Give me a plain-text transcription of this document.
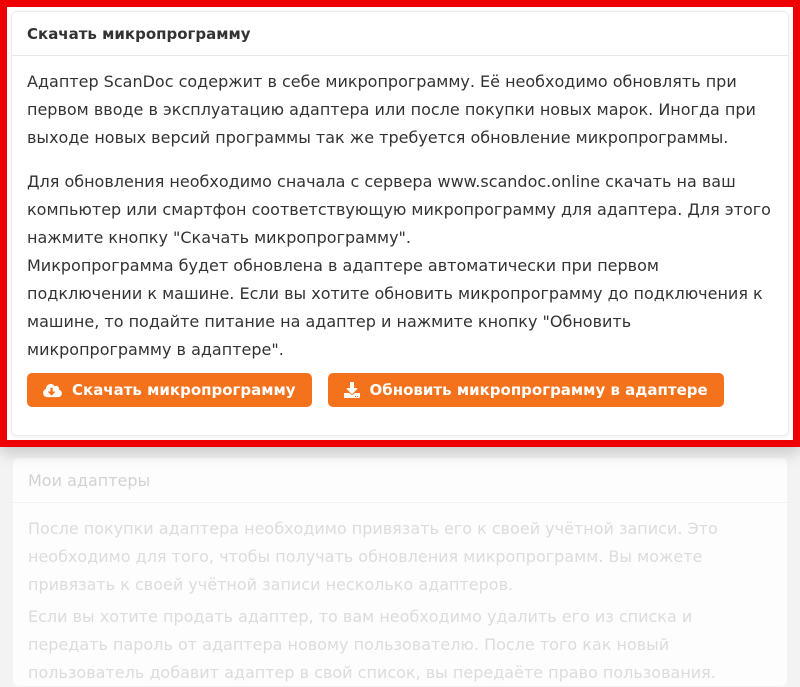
Скачать микропрограмму

Адаптер ScanDoc содержит в себе микропрограмму. Её необходимо обновлять при первом вводе в эксплуатацию адаптера или после покупки новых марок. Иногда при выходе новых версий программы так же требуется обновление микропрограммы.

Для обновления необходимо сначала с сервера www.scandoc.online скачать на ваш компьютер или смартфон соответствующую микропрограмму для адаптера. Для этого нажмите кнопку "Скачать микропрограмму".

Микропрограмма будет обновлена в адаптере автоматически при первом подключении к машине. Если вы хотите обновить микропрограмму до подключения к машине, то подайте питание на адаптер и нажмите кнопку "Обновить микропрограмму в адаптере".

Скачать микропрограмму	Обновить микропрограмму в адаптере
Мои адаптеры

После покупки адаптера необходимо привязать его к своей учётной записи. Это необходимо для того, чтобы получать обновления микропрограмм. Вы можете привязать к своей учётной записи несколько адаптеров.

Если вы хотите продать адаптер, то вам необходимо удалить его из списка и передать пароль от адаптера новому пользователю. После того как новый пользователь добавит адаптер в свой список, вы передаёте право пользования.
